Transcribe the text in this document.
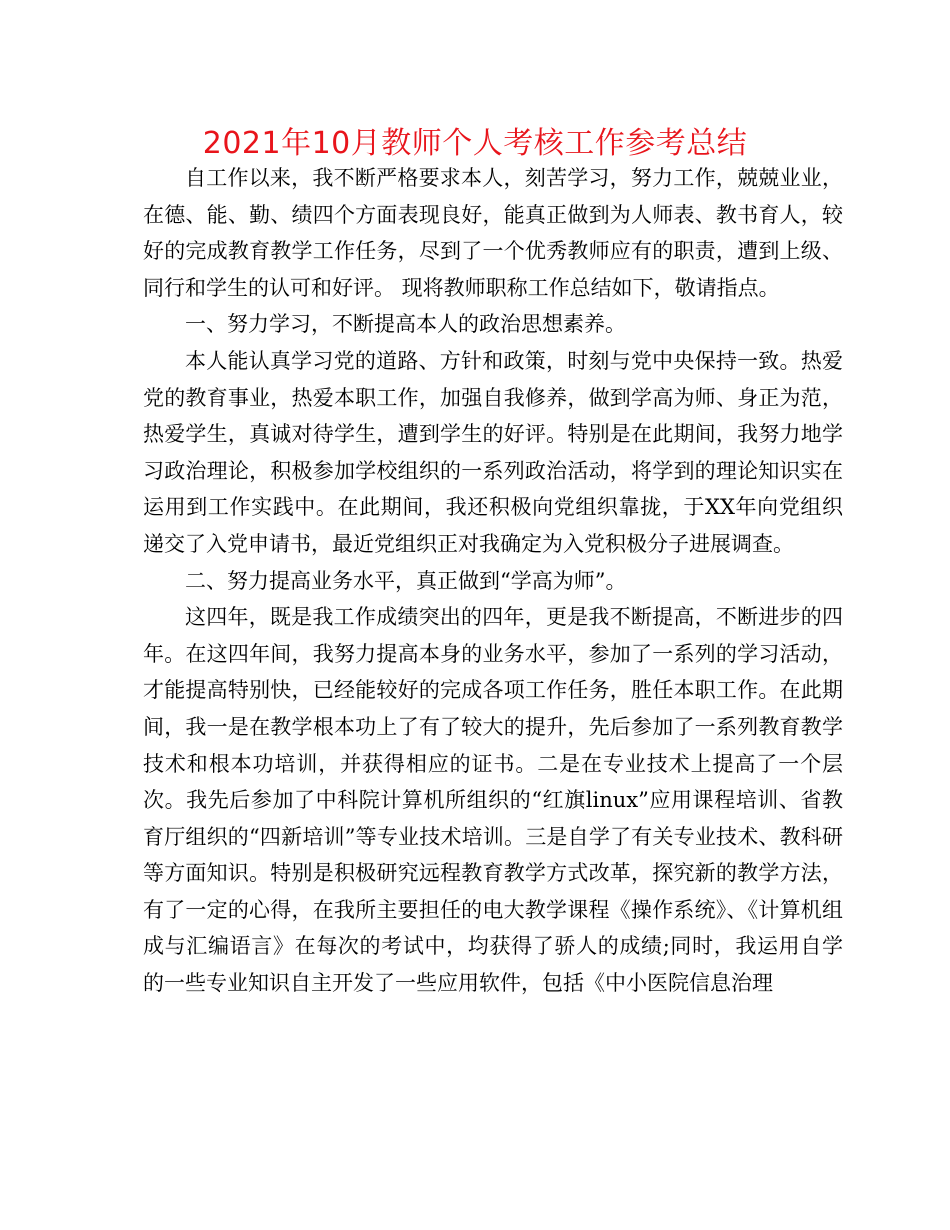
2021年10月教师个人考核工作参考总结

自工作以来，我不断严格要求本人，刻苦学习，努力工作，兢兢业业，在德、能、勤、绩四个方面表现良好，能真正做到为人师表、教书育人，较好的完成教育教学工作任务，尽到了一个优秀教师应有的职责，遭到上级、同行和学生的认可和好评。 现将教师职称工作总结如下，敬请指点。

一、努力学习，不断提高本人的政治思想素养。

本人能认真学习党的道路、方针和政策，时刻与党中央保持一致。热爱党的教育事业，热爱本职工作，加强自我修养，做到学高为师、身正为范，热爱学生，真诚对待学生，遭到学生的好评。特别是在此期间，我努力地学习政治理论，积极参加学校组织的一系列政治活动，将学到的理论知识实在运用到工作实践中。在此期间，我还积极向党组织靠拢，于XX年向党组织递交了入党申请书，最近党组织正对我确定为入党积极分子进展调查。

二、努力提高业务水平，真正做到“学高为师”。

这四年，既是我工作成绩突出的四年，更是我不断提高，不断进步的四年。在这四年间，我努力提高本身的业务水平，参加了一系列的学习活动，才能提高特别快，已经能较好的完成各项工作任务，胜任本职工作。在此期间，我一是在教学根本功上了有了较大的提升，先后参加了一系列教育教学技术和根本功培训，并获得相应的证书。二是在专业技术上提高了一个层次。我先后参加了中科院计算机所组织的“红旗linux”应用课程培训、省教育厅组织的“四新培训”等专业技术培训。三是自学了有关专业技术、教科研等方面知识。特别是积极研究远程教育教学方式改革，探究新的教学方法，有了一定的心得，在我所主要担任的电大教学课程《操作系统》、《计算机组成与汇编语言》在每次的考试中，均获得了骄人的成绩;同时，我运用自学的一些专业知识自主开发了一些应用软件，包括《中小医院信息治理
